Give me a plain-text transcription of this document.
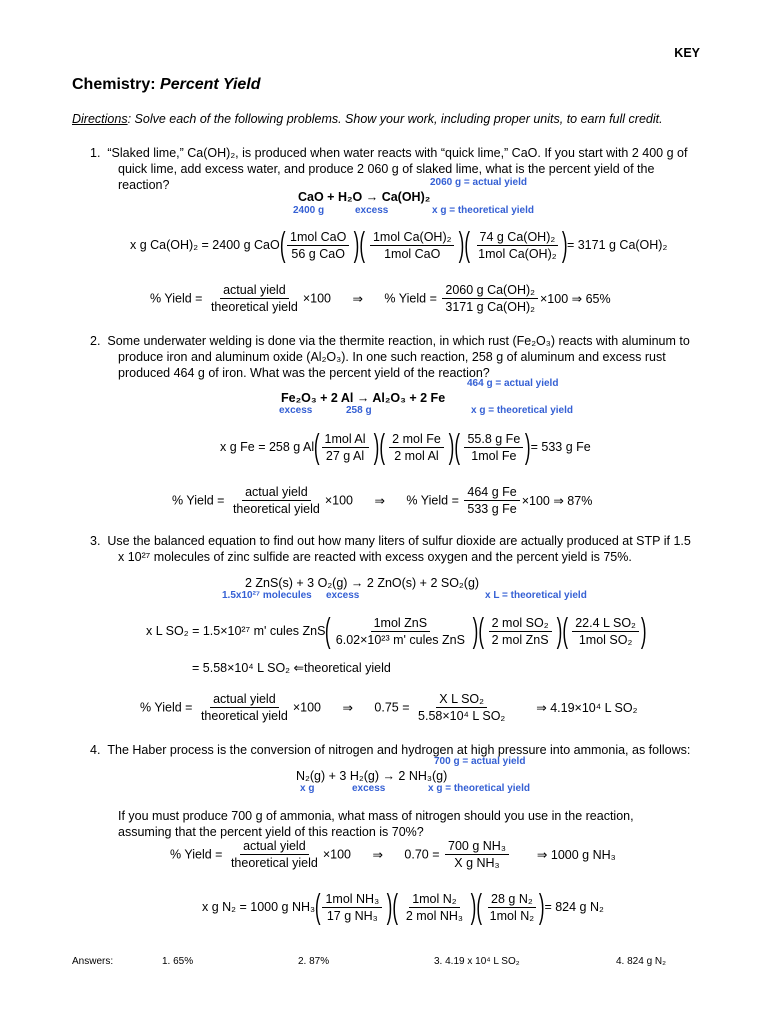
KEY
Chemistry: Percent Yield
Directions: Solve each of the following problems. Show your work, including proper units, to earn full credit.
1. “Slaked lime,” Ca(OH)₂, is produced when water reacts with “quick lime,” CaO. If you start with 2 400 g of quick lime, add excess water, and produce 2 060 g of slaked lime, what is the percent yield of the reaction?	2060 g = actual yield
CaO + H₂O → Ca(OH)₂
2400 g	excess	x g = theoretical yield
x g Ca(OH)₂ = 2400 g $CaO( \frac{\text{1mol CaO}}{\text{56 g CaO}}$ )( $\frac{\text{1mol Ca(OH)₂}}{\text{1mol CaO}}$ )( $\frac{\text{74 g Ca(OH)₂}}{\text{1mol Ca(OH)₂}}$ )= 3171 g Ca(OH)₂
% Yield = $\frac{\text{actual yield}}{\text{theoretical yield}} \times 100$ ⇒ % Yield = $\frac{\text{2060 g Ca(OH)₂}}{\text{3171 g Ca(OH)₂}} \times 100$ ⇒ 65%
2. Some underwater welding is done via the thermite reaction, in which rust (Fe₂O₃) reacts with aluminum to produce iron and aluminum oxide (Al₂O₃). In one such reaction, 258 g of aluminum and excess rust produced 464 g of iron. What was the percent yield of the reaction?
464 g = actual yield
Fe₂O₃ + 2 Al → Al₂O₃ + 2 Fe
excess	258 g	x g = theoretical yield
x g Fe = 258 g $Al( \frac{\text{1mol Al}}{\text{27 g Al}}$ )( $\frac{\text{2 mol Fe}}{\text{2 mol Al}}$ )( $\frac{\text{55.8 g Fe}}{\text{1mol Fe}}$ )= 533 g Fe
% Yield = $\frac{\text{actual yield}}{\text{theoretical yield}} \times 100$ ⇒ % Yield = $\frac{\text{464 g Fe}}{\text{533 g Fe}} \times 100$ ⇒ 87%
3. Use the balanced equation to find out how many liters of sulfur dioxide are actually produced at STP if 1.5 x 10²⁷ molecules of zinc sulfide are reacted with excess oxygen and the percent yield is 75%.
2 ZnS(s) + 3 O₂(g) → 2 ZnO(s) + 2 SO₂(g)
1.5x10²⁷ molecules excess	x L = theoretical yield
x L SO₂ = 1.5×10²⁷ m' cules $ZnS( \frac{\text{1mol ZnS}}{\text{6.02×10²³ m' cules ZnS}}$ )( $\frac{\text{2 mol SO₂}}{\text{2 mol ZnS}}$ )( $\frac{\text{22.4 L SO₂}}{\text{1mol SO₂}}$ )
= 5.58×10⁴ L SO₂ ⇐theoretical yield
% Yield = $\frac{\text{actual yield}}{\text{theoretical yield}} \times 100$ ⇒ $0.75 = \frac{\text{X L SO₂}}{\text{5.58×10⁴ L SO₂}}$ ⇒ 4.19×10⁴ L SO₂
4. The Haber process is the conversion of nitrogen and hydrogen at high pressure into ammonia, as follows:
700 g = actual yield
N₂(g) + 3 H₂(g) → 2 NH₃(g)
x g	excess	x g = theoretical yield
If you must produce 700 g of ammonia, what mass of nitrogen should you use in the reaction, assuming that the percent yield of this reaction is 70%?
% Yield = $\frac{\text{actual yield}}{\text{theoretical yield}} \times 100$ ⇒ $0.70 = \frac{\text{700 g NH₃}}{\text{X g NH₃}}$ ⇒ 1000 g NH₃
x g N₂ = 1000 g $NH_3( \frac{\text{1mol NH₃}}{\text{17 g NH₃}}$ )( $\frac{\text{1mol N₂}}{\text{2 mol NH₃}}$ )( $\frac{\text{28 g N₂}}{\text{1mol N₂}}$ )= 824 g N₂
Answers:	1. 65%	2. 87%	3. 4.19 x 10⁴ L SO₂	4. 824 g N₂
